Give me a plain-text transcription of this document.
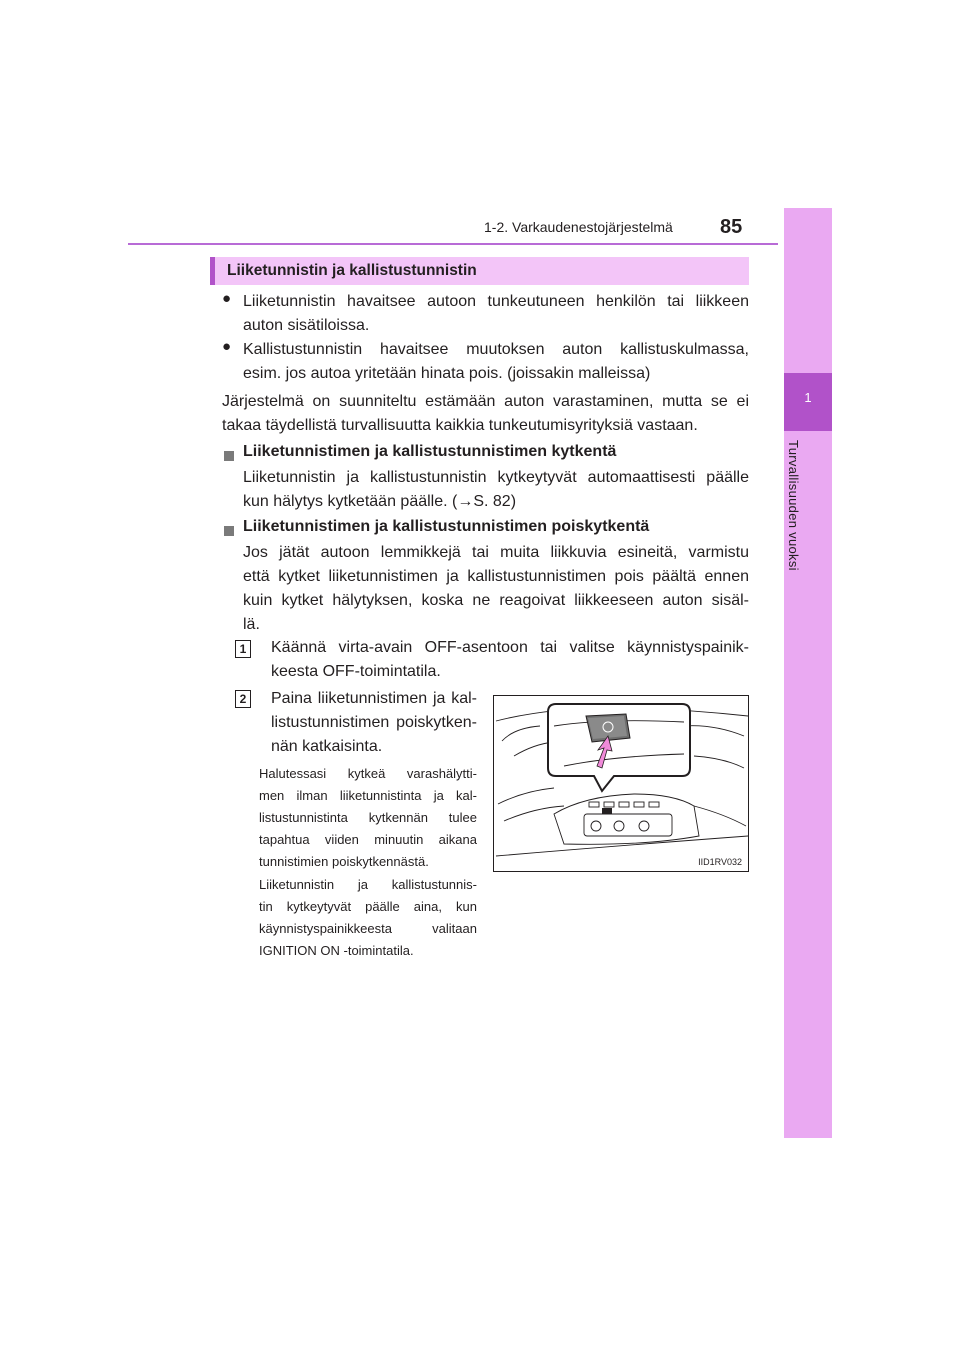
1-2. Varkaudenestojärjestelmä 85
1
Turvallisuuden vuoksi
Liiketunnistin ja kallistustunnistin
● Liiketunnistin havaitsee autoon tunkeutuneen henkilön tai liikkeen
auton sisätiloissa.
● Kallistustunnistin havaitsee muutoksen auton kallistuskulmassa,
esim. jos autoa yritetään hinata pois. (joissakin malleissa)
Järjestelmä on suunniteltu estämään auton varastaminen, mutta se ei
takaa täydellistä turvallisuutta kaikkia tunkeutumisyrityksiä vastaan.
Liiketunnistimen ja kallistustunnistimen kytkentä
Liiketunnistin ja kallistustunnistin kytkeytyvät automaattisesti päälle
kun hälytys kytketään päälle. (→S. 82)
Liiketunnistimen ja kallistustunnistimen poiskytkentä
Jos jätät autoon lemmikkejä tai muita liikkuvia esineitä, varmistu
että kytket liiketunnistimen ja kallistustunnistimen pois päältä ennen
kuin kytket hälytyksen, koska ne reagoivat liikkeeseen auton sisäl-
lä.
1 Käännä virta-avain OFF-asentoon tai valitse käynnistyspainik-
keesta OFF-toimintatila.
2 Paina liiketunnistimen ja kal-
listustunnistimen poiskytken-
nän katkaisinta.
Halutessasi kytkeä varashälytti-
men ilman liiketunnistinta ja kal-
listustunnistinta kytkennän tulee
tapahtua viiden minuutin aikana
tunnistimien poiskytkennästä.
Liiketunnistin ja kallistustunnis-
tin kytkeytyvät päälle aina, kun
käynnistyspainikkeesta valitaan
IGNITION ON -toimintatila.
IID1RV032
